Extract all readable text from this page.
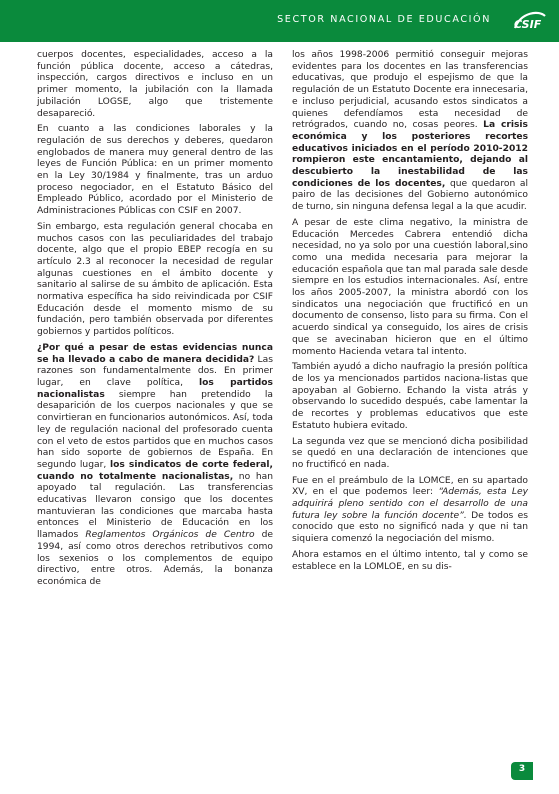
SECTOR NACIONAL DE EDUCACIÓN CSIF

cuerpos docentes, especialidades, acceso a la función pública docente, acceso a cátedras, inspección, cargos directivos e incluso en un primer momento, la jubilación con la llamada jubilación LOGSE, algo que tristemente desapareció.

En cuanto a las condiciones laborales y la regulación de sus derechos y deberes, quedaron englobados de manera muy general dentro de las leyes de Función Pública: en un primer momento en la Ley 30/1984 y finalmente, tras un arduo proceso negociador, en el Estatuto Básico del Empleado Público, acordado por el Ministerio de Administraciones Públicas con CSIF en 2007.

Sin embargo, esta regulación general chocaba en muchos casos con las peculiaridades del trabajo docente, algo que el propio EBEP recogía en su artículo 2.3 al reconocer la necesidad de regular algunas cuestiones en el ámbito docente y sanitario al salirse de su ámbito de aplicación. Esta normativa específica ha sido reivindicada por CSIF Educación desde el momento mismo de su fundación, pero también observada por diferentes gobiernos y partidos políticos.

¿Por qué a pesar de estas evidencias nunca se ha llevado a cabo de manera decidida? Las razones son fundamentalmente dos. En primer lugar, en clave política, los partidos nacionalistas siempre han pretendido la desaparición de los cuerpos nacionales y que se convirtieran en funcionarios autonómicos. Así, toda ley de regulación nacional del profesorado cuenta con el veto de estos partidos que en muchos casos han sido soporte de gobiernos de España. En segundo lugar, los sindicatos de corte federal, cuando no totalmente nacionalistas, no han apoyado tal regulación. Las transferencias educativas llevaron consigo que los docentes mantuvieran las condiciones que marcaba hasta entonces el Ministerio de Educación en los llamados Reglamentos Orgánicos de Centro de 1994, así como otros derechos retributivos como los sexenios o los complementos de equipo directivo, entre otros. Además, la bonanza económica de

los años 1998-2006 permitió conseguir mejoras evidentes para los docentes en las transferencias educativas, que produjo el espejismo de que la regulación de un Estatuto Docente era innecesaria, e incluso perjudicial, acusando estos sindicatos a quienes defendíamos esta necesidad de retrógrados, cuando no, cosas peores. La crisis económica y los posteriores recortes educativos iniciados en el período 2010-2012 rompieron este encantamiento, dejando al descubierto la inestabilidad de las condiciones de los docentes, que quedaron al pairo de las decisiones del Gobierno autonómico de turno, sin ninguna defensa legal a la que acudir.

A pesar de este clima negativo, la ministra de Educación Mercedes Cabrera entendió dicha necesidad, no ya solo por una cuestión laboral,sino como una medida necesaria para mejorar la educación española que tan mal parada sale desde siempre en los estudios internacionales. Así, entre los años 2005-2007, la ministra abordó con los sindicatos una negociación que fructificó en un documento de consenso, listo para su firma. Con el acuerdo sindical ya conseguido, los aires de crisis que se avecinaban hicieron que en el último momento Hacienda vetara tal intento.

También ayudó a dicho naufragio la presión política de los ya mencionados partidos naciona-listas que apoyaban al Gobierno. Echando la vista atrás y observando lo sucedido después, cabe lamentar la de recortes y problemas educativos que este Estatuto hubiera evitado.

La segunda vez que se mencionó dicha posibilidad se quedó en una declaración de intenciones que no fructificó en nada.

Fue en el preámbulo de la LOMCE, en su apartado XV, en el que podemos leer: “Además, esta Ley adquirirá pleno sentido con el desarrollo de una futura ley sobre la función docente”. De todos es conocido que esto no significó nada y que ni tan siquiera comenzó la negociación del mismo.

Ahora estamos en el último intento, tal y como se establece en la LOMLOE, en su dis-

3
